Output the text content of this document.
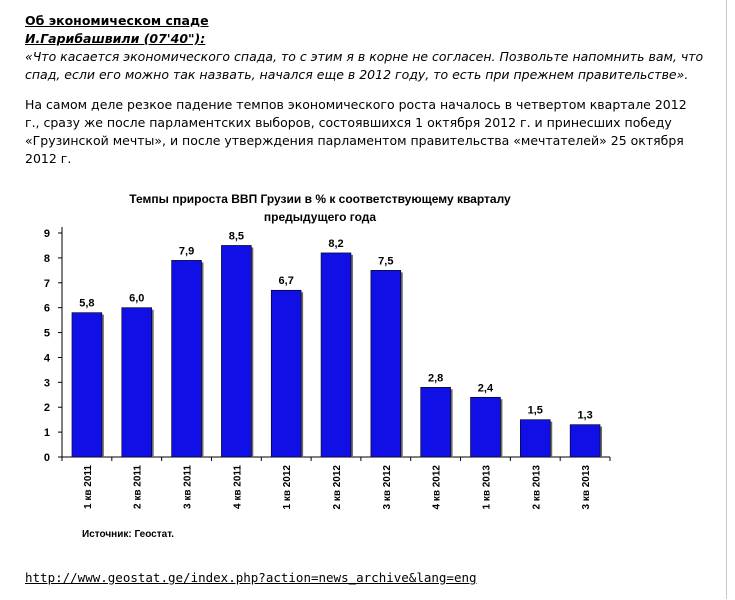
Об экономическом спаде
И.Гарибашвили (07'40"):
«Что касается экономического спада, то с этим я в корне не согласен. Позвольте напомнить вам, что спад, если его можно так назвать, начался еще в 2012 году, то есть при прежнем правительстве».
На самом деле резкое падение темпов экономического роста началось в четвертом квартале 2012 г., сразу же после парламентских выборов, состоявшихся 1 октября 2012 г. и принесших победу «Грузинской мечты», и после утверждения парламентом правительства «мечтателей» 25 октября 2012 г.
Темпы прироста ВВП Грузии в % к соответствующему кварталу
предыдущего года
0
1
2
3
4
5
6
7
8
9
5,8
1 кв 2011
6,0
2 кв 2011
7,9
3 кв 2011
8,5
4 кв 2011
6,7
1 кв 2012
8,2
2 кв 2012
7,5
3 кв 2012
2,8
4 кв 2012
2,4
1 кв 2013
1,5
2 кв 2013
1,3
3 кв 2013
Источник: Геостат.
http://www.geostat.ge/index.php?action=news_archive&lang=eng
